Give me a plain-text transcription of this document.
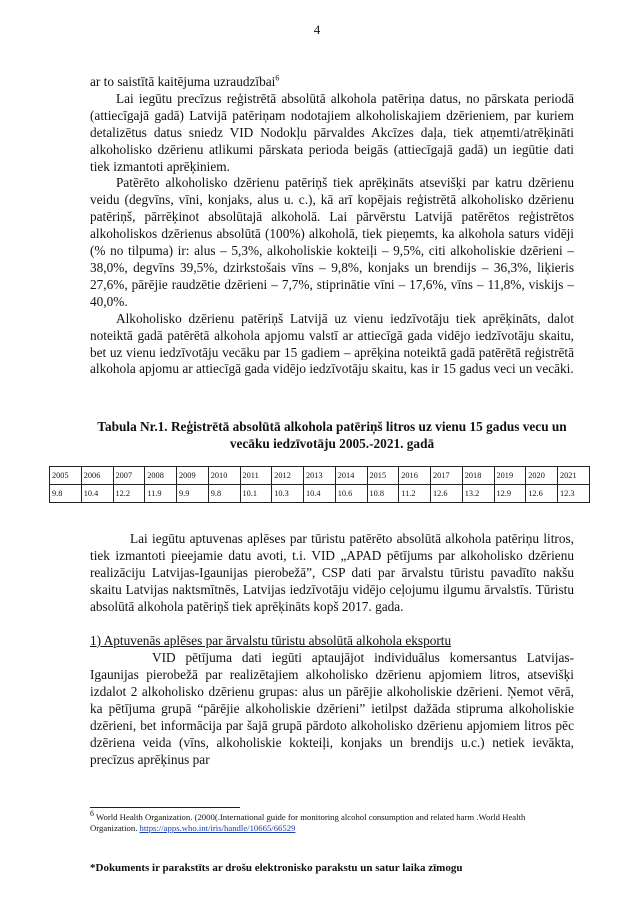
4

ar to saistītā kaitējuma uzraudzībai$^6$

Lai iegūtu precīzus reģistrētā absolūtā alkohola patēriņa datus, no pārskata periodā (attiecīgajā gadā) Latvijā patēriņam nodotajiem alkoholiskajiem dzērieniem, par kuriem detalizētus datus sniedz VID Nodokļu pārvaldes Akcīzes daļa, tiek atņemti/atrēķināti alkoholisko dzērienu atlikumi pārskata perioda beigās (attiecīgajā gadā) un iegūtie dati tiek izmantoti aprēķiniem.

Patērēto alkoholisko dzērienu patēriņš tiek aprēķināts atsevišķi par katru dzērienu veidu (degvīns, vīni, konjaks, alus u. c.), kā arī kopējais reģistrētā alkoholisko dzērienu patēriņš, pārrēķinot absolūtajā alkoholā. Lai pārvērstu Latvijā patērētos reģistrētos alkoholiskos dzērienus absolūtā (100%) alkoholā, tiek pieņemts, ka alkohola saturs vidēji (% no tilpuma) ir: alus – 5,3%, alkoholiskie kokteiļi – 9,5%, citi alkoholiskie dzērieni – 38,0%, degvīns 39,5%, dzirkstošais vīns – 9,8%, konjaks un brendijs – 36,3%, liķieris 27,6%, pārējie raudzētie dzērieni – 7,7%, stiprinātie vīni – 17,6%, vīns – 11,8%, viskijs – 40,0%.

Alkoholisko dzērienu patēriņš Latvijā uz vienu iedzīvotāju tiek aprēķināts, dalot noteiktā gadā patērētā alkohola apjomu valstī ar attiecīgā gada vidējo iedzīvotāju skaitu, bet uz vienu iedzīvotāju vecāku par 15 gadiem – aprēķina noteiktā gadā patērētā reģistrētā alkohola apjomu ar attiecīgā gada vidējo iedzīvotāju skaitu, kas ir 15 gadus veci un vecāki.

Tabula Nr.1. Reģistrētā absolūtā alkohola patēriņš litros uz vienu 15 gadus vecu un vecāku iedzīvotāju 2005.-2021. gadā
2005	2006	2007	2008	2009	2010	2011	2012	2013	2014	2015	2016	2017	2018	2019	2020	2021
9.8	10.4	12.2	11.9	9.9	9.8	10.1	10.3	10.4	10.6	10.8	11.2	12.6	13.2	12.9	12.6	12.3

Lai iegūtu aptuvenas aplēses par tūristu patērēto absolūtā alkohola patēriņu litros, tiek izmantoti pieejamie datu avoti, t.i. VID „APAD pētījums par alkoholisko dzērienu realizāciju Latvijas-Igaunijas pierobežā”, CSP dati par ārvalstu tūristu pavadīto nakšu skaitu Latvijas naktsmītnēs, Latvijas iedzīvotāju vidējo ceļojumu ilgumu ārvalstīs. Tūristu absolūtā alkohola patēriņš tiek aprēķināts kopš 2017. gada.

1) Aptuvenās aplēses par ārvalstu tūristu absolūtā alkohola eksportu

VID pētījuma dati iegūti aptaujājot individuālus komersantus Latvijas-Igaunijas pierobežā par realizētajiem alkoholisko dzērienu apjomiem litros, atsevišķi izdalot 2 alkoholisko dzērienu grupas: alus un pārējie alkoholiskie dzērieni. Ņemot vērā, ka pētījuma grupā “pārējie alkoholiskie dzērieni” ietilpst dažāda stipruma alkoholiskie dzērieni, bet informācija par šajā grupā pārdoto alkoholisko dzērienu apjomiem litros pēc dzēriena veida (vīns, alkoholiskie kokteiļi, konjaks un brendijs u.c.) netiek ievākta, precīzus aprēķinus par

$^6$ World Health Organization. (2000(.International guide for monitoring alcohol consumption and related harm .World Health Organization. https://apps.who.int/iris/handle/10665/66529
*Dokuments ir parakstīts ar drošu elektronisko parakstu un satur laika zīmogu
